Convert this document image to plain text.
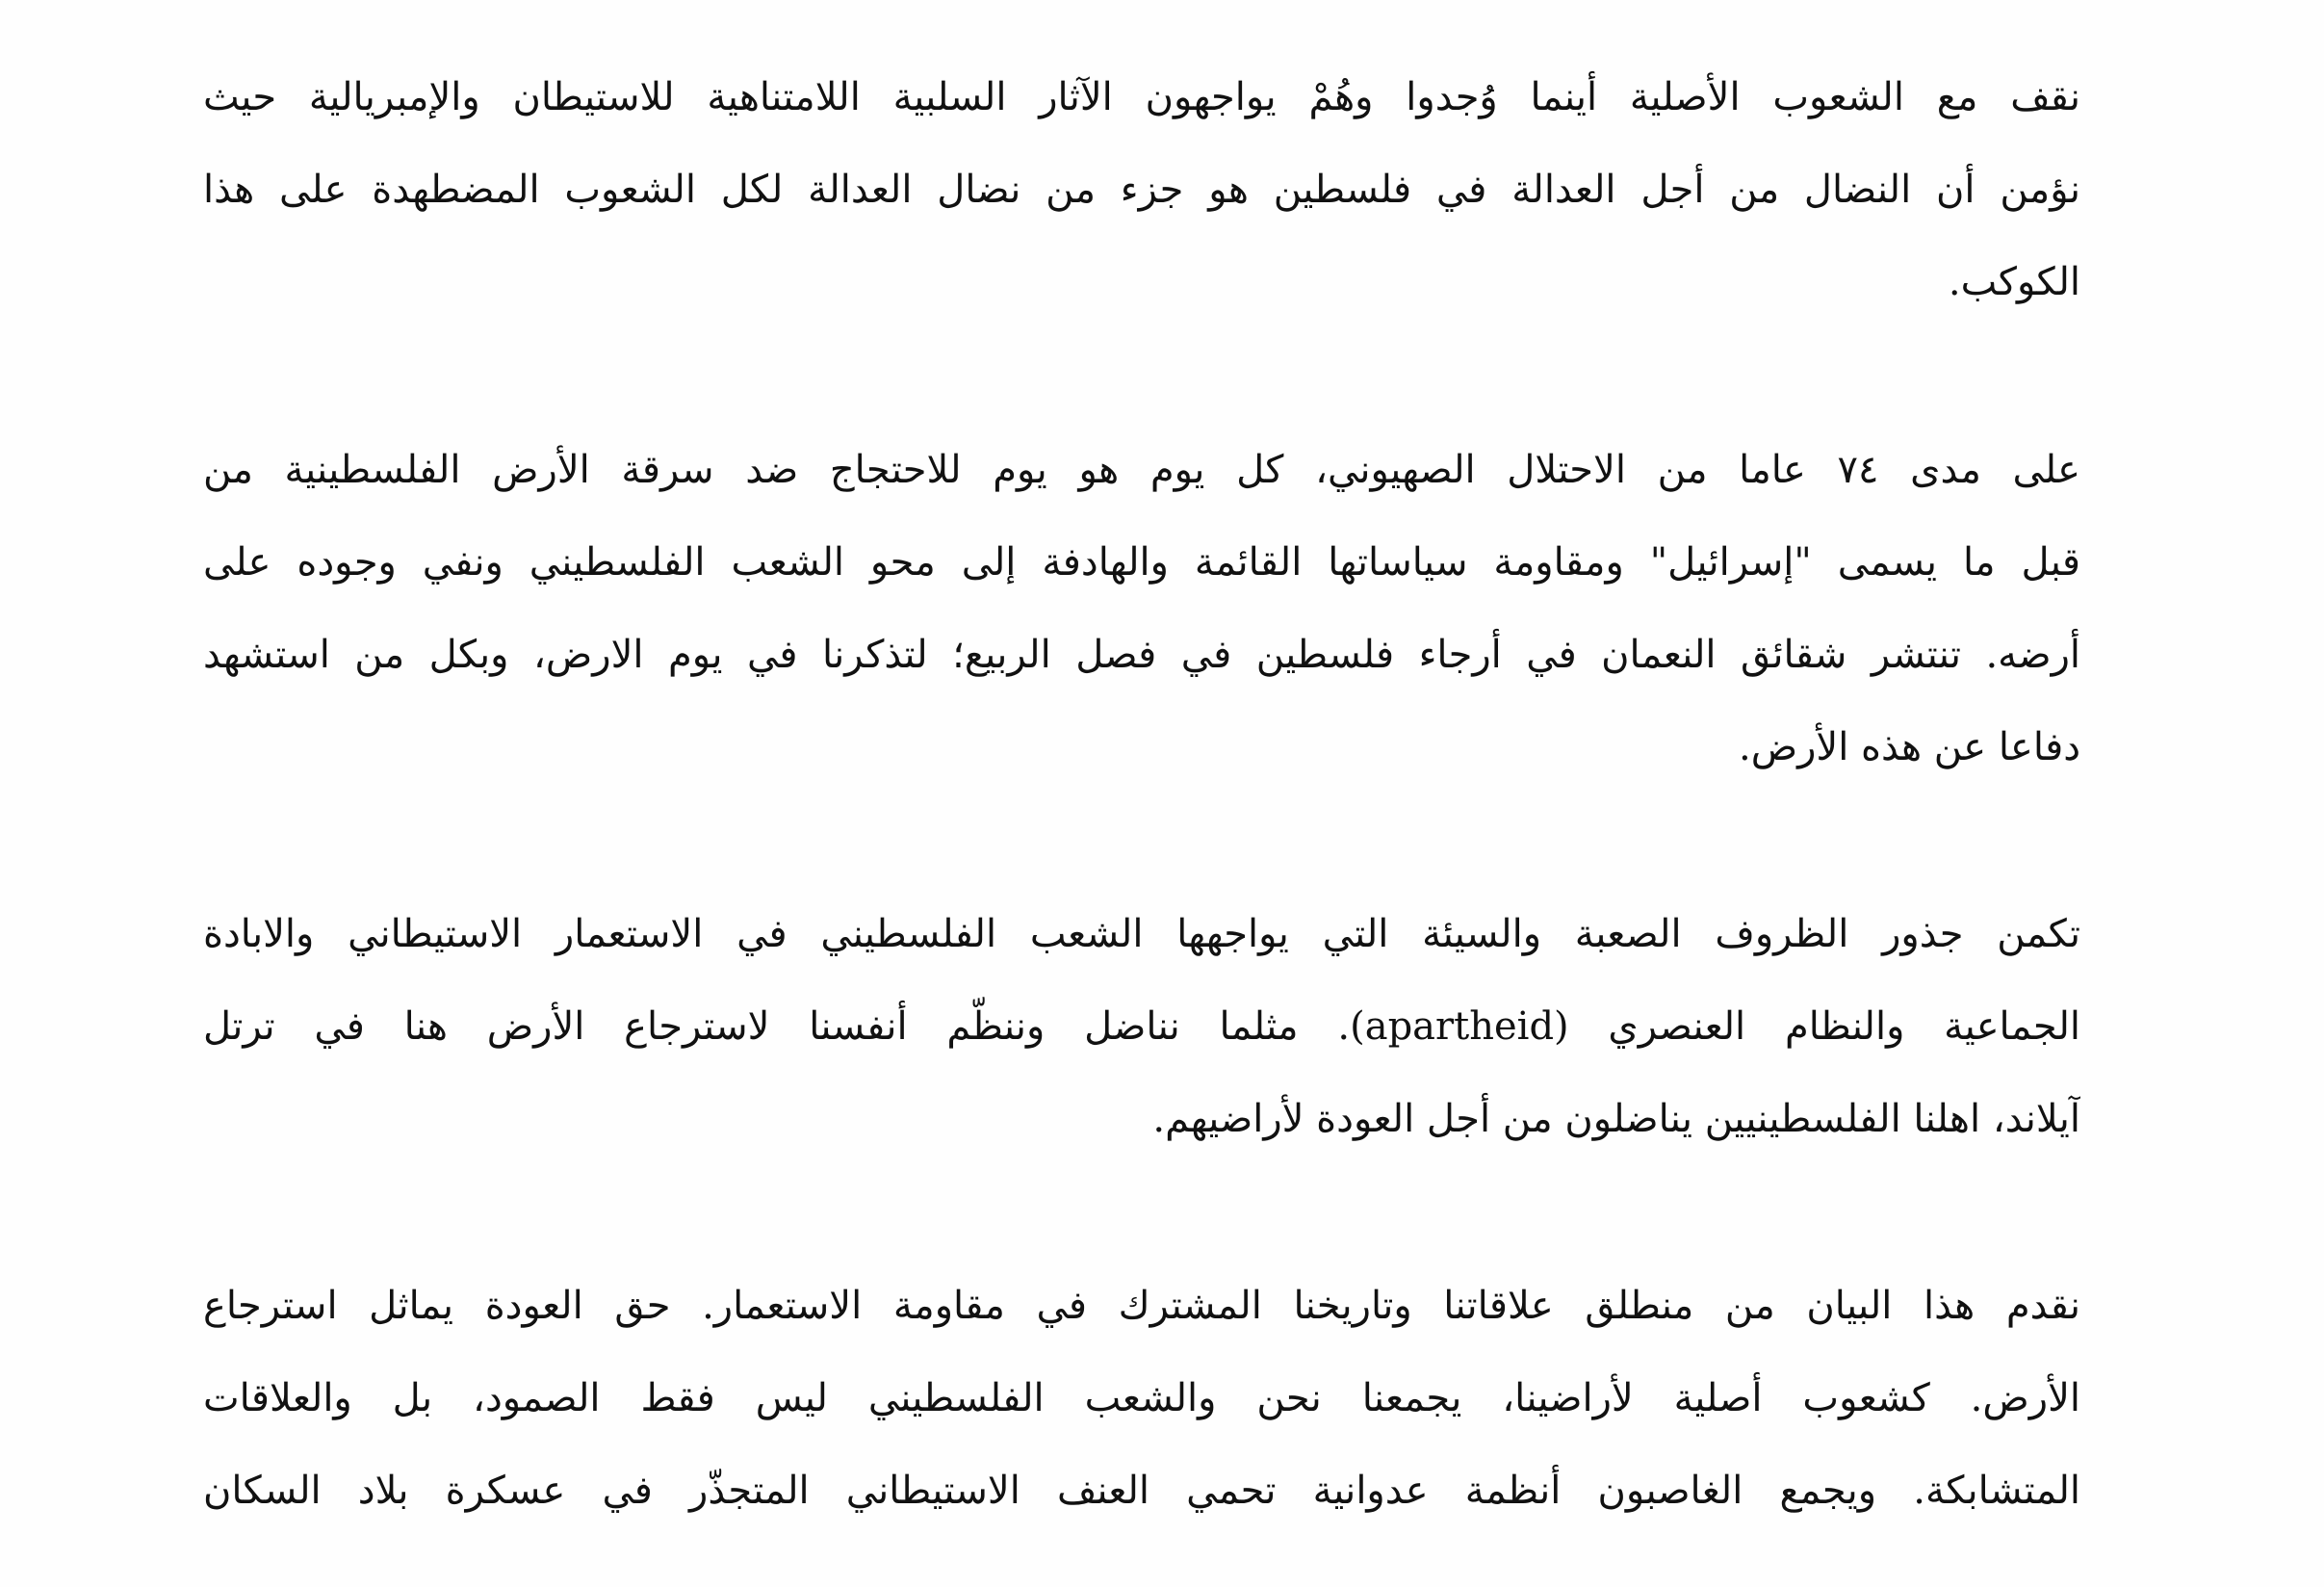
نقف مع الشعوب الأصلية أينما وُجدوا وهُمْ يواجهون الآثار السلبية اللامتناهية للاستيطان والإمبريالية حيث
نؤمن أن النضال من أجل العدالة في فلسطين هو جزء من نضال العدالة لكل الشعوب المضطهدة على هذا
الكوكب.
على مدى ٧٤ عاما من الاحتلال الصهيوني، كل يوم هو يوم للاحتجاج ضد سرقة الأرض الفلسطينية من
قبل ما يسمى "إسرائيل" ومقاومة سياساتها القائمة والهادفة إلى محو الشعب الفلسطيني ونفي وجوده على
أرضه. تنتشر شقائق النعمان في أرجاء فلسطين في فصل الربيع؛ لتذكرنا في يوم الارض، وبكل من استشهد
دفاعا عن هذه الأرض.
تكمن جذور الظروف الصعبة والسيئة التي يواجهها الشعب الفلسطيني في الاستعمار الاستيطاني والابادة
الجماعية والنظام العنصري (apartheid). مثلما نناضل وننظّم أنفسنا لاسترجاع الأرض هنا في ترتل
آيلاند، اهلنا الفلسطينيين يناضلون من أجل العودة لأراضيهم.
نقدم هذا البيان من منطلق علاقاتنا وتاريخنا المشترك في مقاومة الاستعمار. حق العودة يماثل استرجاع
الأرض. كشعوب أصلية لأراضينا، يجمعنا نحن والشعب الفلسطيني ليس فقط الصمود، بل والعلاقات
المتشابكة. ويجمع الغاصبون أنظمة عدوانية تحمي العنف الاستيطاني المتجذّر في عسكرة بلاد السكان
